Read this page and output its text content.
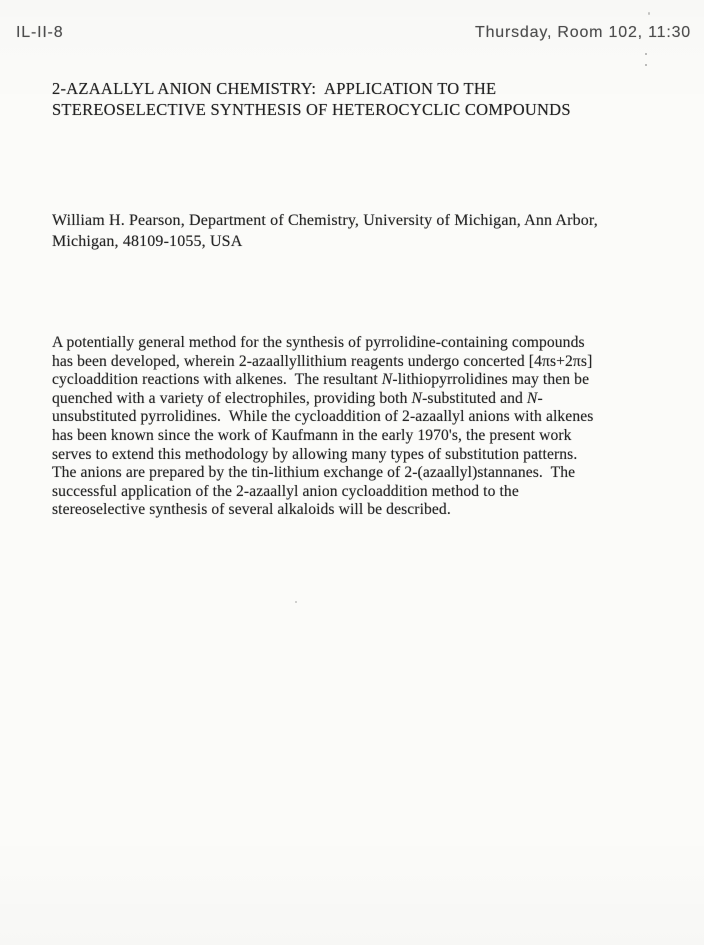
IL-II-8	Thursday, Room 102, 11:30
2-AZAALLYL ANION CHEMISTRY:  APPLICATION TO THE
STEREOSELECTIVE SYNTHESIS OF HETEROCYCLIC COMPOUNDS
William H. Pearson, Department of Chemistry, University of Michigan, Ann Arbor,
Michigan, 48109-1055, USA
A potentially general method for the synthesis of pyrrolidine-containing compounds
has been developed, wherein 2-azaallyllithium reagents undergo concerted [4πs+2πs]
cycloaddition reactions with alkenes.  The resultant N-lithiopyrrolidines may then be
quenched with a variety of electrophiles, providing both N-substituted and N-
unsubstituted pyrrolidines.  While the cycloaddition of 2-azaallyl anions with alkenes
has been known since the work of Kaufmann in the early 1970's, the present work
serves to extend this methodology by allowing many types of substitution patterns.
The anions are prepared by the tin-lithium exchange of 2-(azaallyl)stannanes.  The
successful application of the 2-azaallyl anion cycloaddition method to the
stereoselective synthesis of several alkaloids will be described.
